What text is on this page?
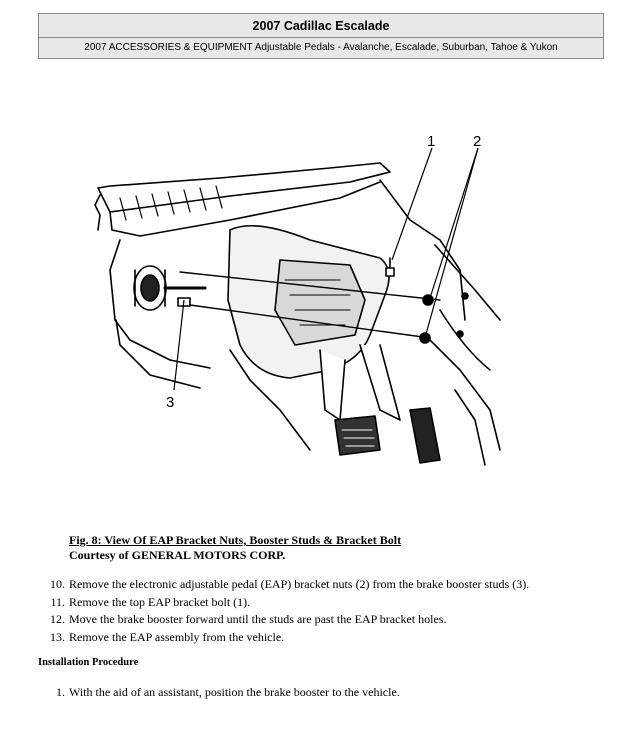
2007 Cadillac Escalade
2007 ACCESSORIES & EQUIPMENT Adjustable Pedals - Avalanche, Escalade, Suburban, Tahoe & Yukon
1	2
3
Fig. 8: View Of EAP Bracket Nuts, Booster Studs & Bracket Bolt
Courtesy of GENERAL MOTORS CORP.
10. Remove the electronic adjustable pedal (EAP) bracket nuts (2) from the brake booster studs (3).
11. Remove the top EAP bracket bolt (1).
12. Move the brake booster forward until the studs are past the EAP bracket holes.
13. Remove the EAP assembly from the vehicle.
Installation Procedure
1. With the aid of an assistant, position the brake booster to the vehicle.
